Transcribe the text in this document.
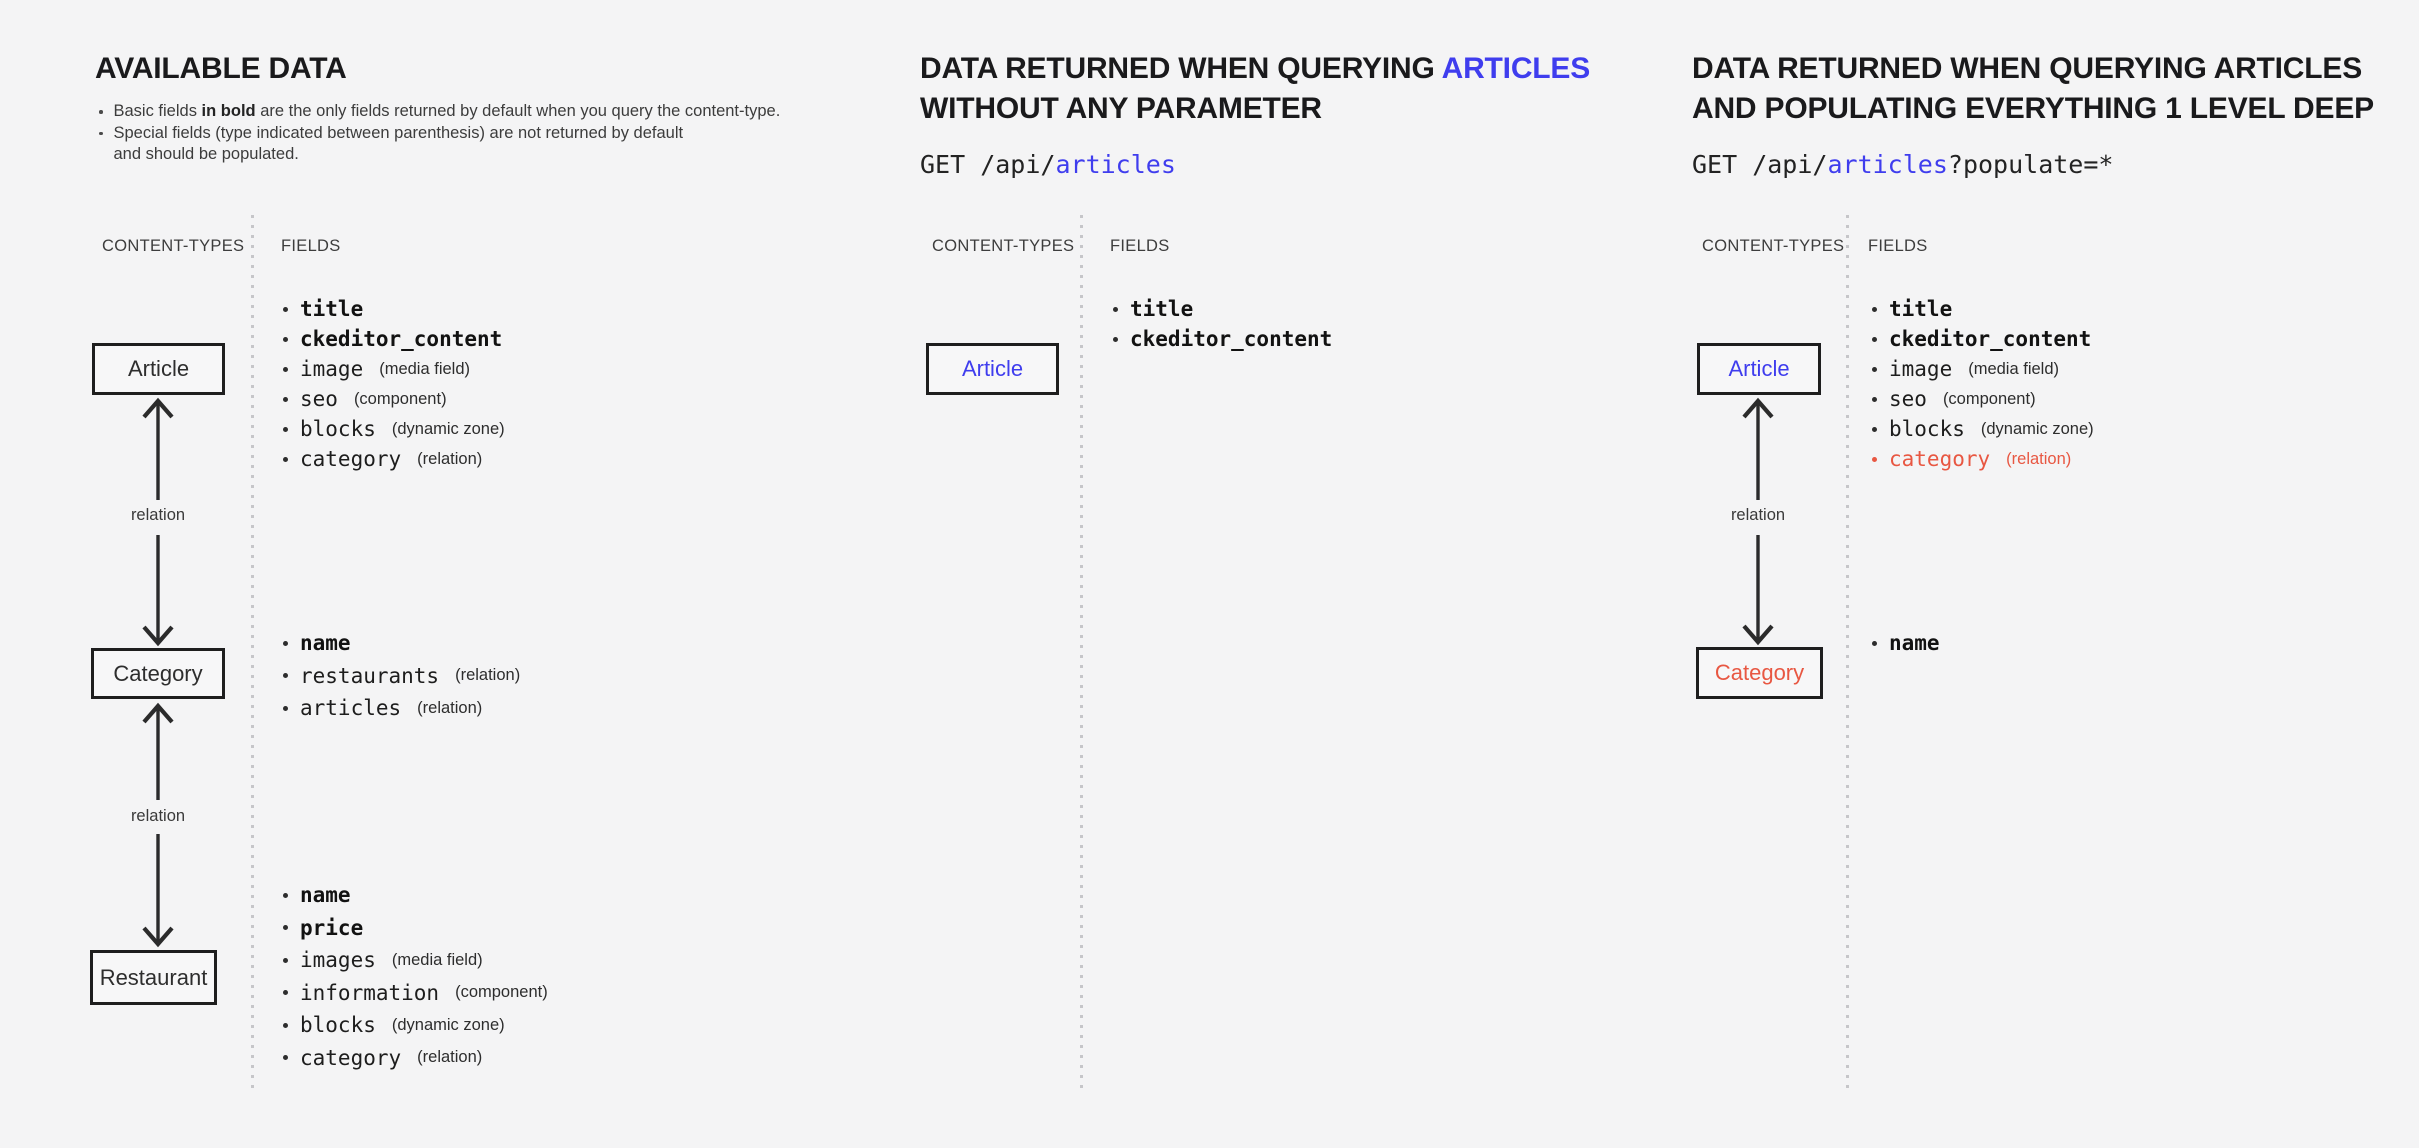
AVAILABLE DATA
Basic fields in bold are the only fields returned by default when you query the content-type.
Special fields (type indicated between parenthesis) are not returned by default
and should be populated.
CONTENT-TYPES FIELDS
Article
relation
Category
relation
Restaurant
title
ckeditor_content
image (media field)
seo (component)
blocks (dynamic zone)
category (relation)
name
restaurants (relation)
articles (relation)
name
price
images (media field)
information (component)
blocks (dynamic zone)
category (relation)
DATA RETURNED WHEN QUERYING ARTICLES
WITHOUT ANY PARAMETER
GET /api/articles
CONTENT-TYPES FIELDS
Article
title
ckeditor_content
DATA RETURNED WHEN QUERYING ARTICLES
AND POPULATING EVERYTHING 1 LEVEL DEEP
GET /api/articles?populate=*
CONTENT-TYPES FIELDS
Article
relation
Category
title
ckeditor_content
image (media field)
seo (component)
blocks (dynamic zone)
category (relation)
name
